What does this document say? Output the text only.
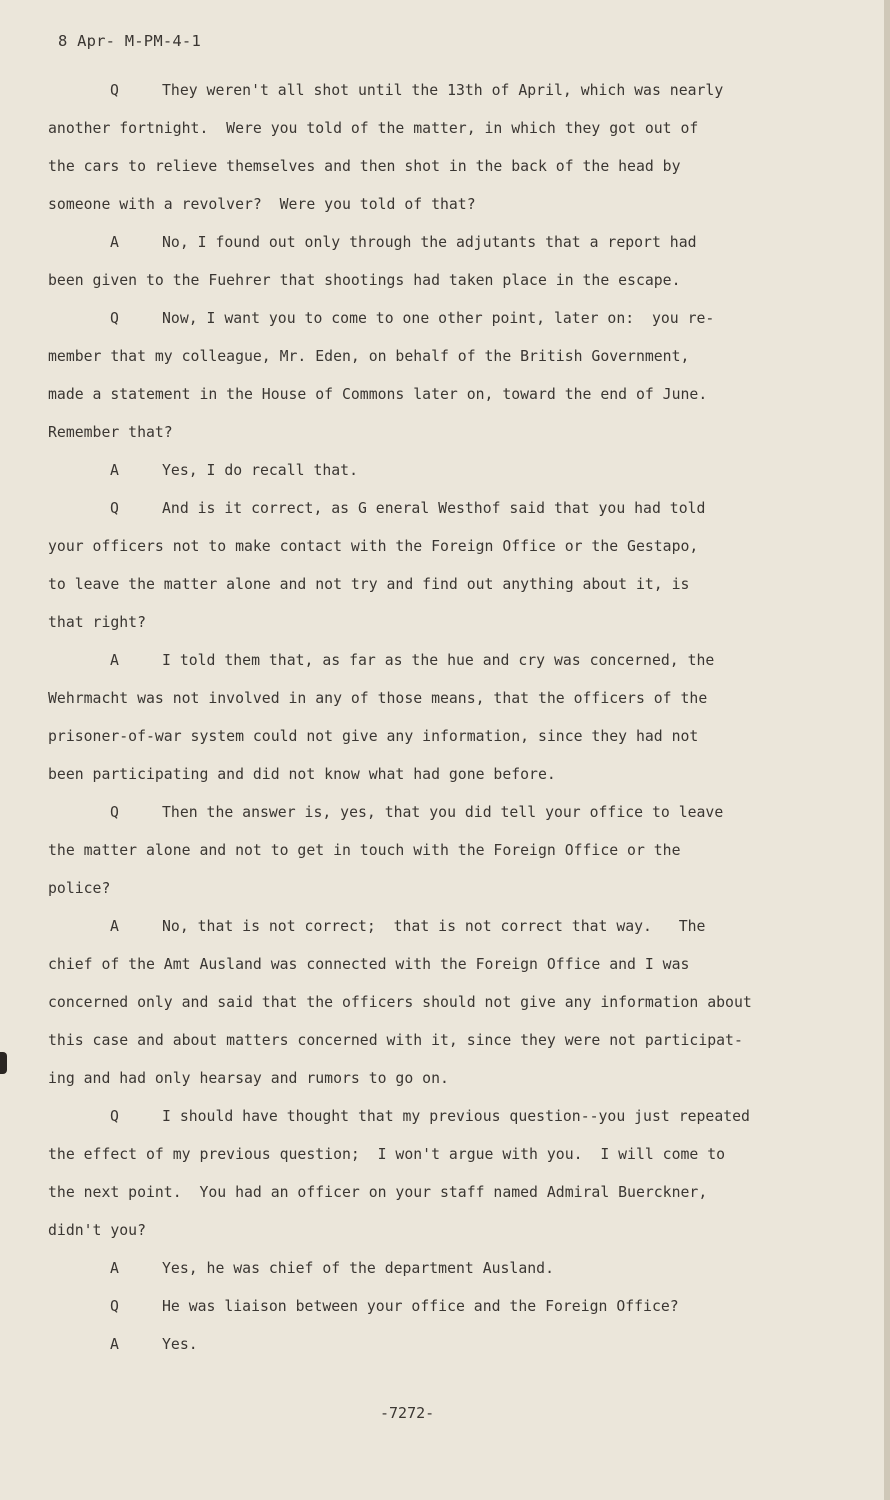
8 Apr- M-PM-4-1
Q	They weren't all shot until the 13th of April, which was nearly
another fortnight.  Were you told of the matter, in which they got out of
the cars to relieve themselves and then shot in the back of the head by
someone with a revolver?  Were you told of that?
A	No, I found out only through the adjutants that a report had
been given to the Fuehrer that shootings had taken place in the escape.
Q	Now, I want you to come to one other point, later on:  you re-
member that my colleague, Mr. Eden, on behalf of the British Government,
made a statement in the House of Commons later on, toward the end of June.
Remember that?
A	Yes, I do recall that.
Q	And is it correct, as G eneral Westhof said that you had told
your officers not to make contact with the Foreign Office or the Gestapo,
to leave the matter alone and not try and find out anything about it, is
that right?
A	I told them that, as far as the hue and cry was concerned, the
Wehrmacht was not involved in any of those means, that the officers of the
prisoner-of-war system could not give any information, since they had not
been participating and did not know what had gone before.
Q	Then the answer is, yes, that you did tell your office to leave
the matter alone and not to get in touch with the Foreign Office or the
police?
A	No, that is not correct;  that is not correct that way.   The
chief of the Amt Ausland was connected with the Foreign Office and I was
concerned only and said that the officers should not give any information about
this case and about matters concerned with it, since they were not participat-
ing and had only hearsay and rumors to go on.
Q	I should have thought that my previous question--you just repeated
the effect of my previous question;  I won't argue with you.  I will come to
the next point.  You had an officer on your staff named Admiral Buerckner,
didn't you?
A	Yes, he was chief of the department Ausland.
Q	He was liaison between your office and the Foreign Office?
A	Yes.
-7272-
